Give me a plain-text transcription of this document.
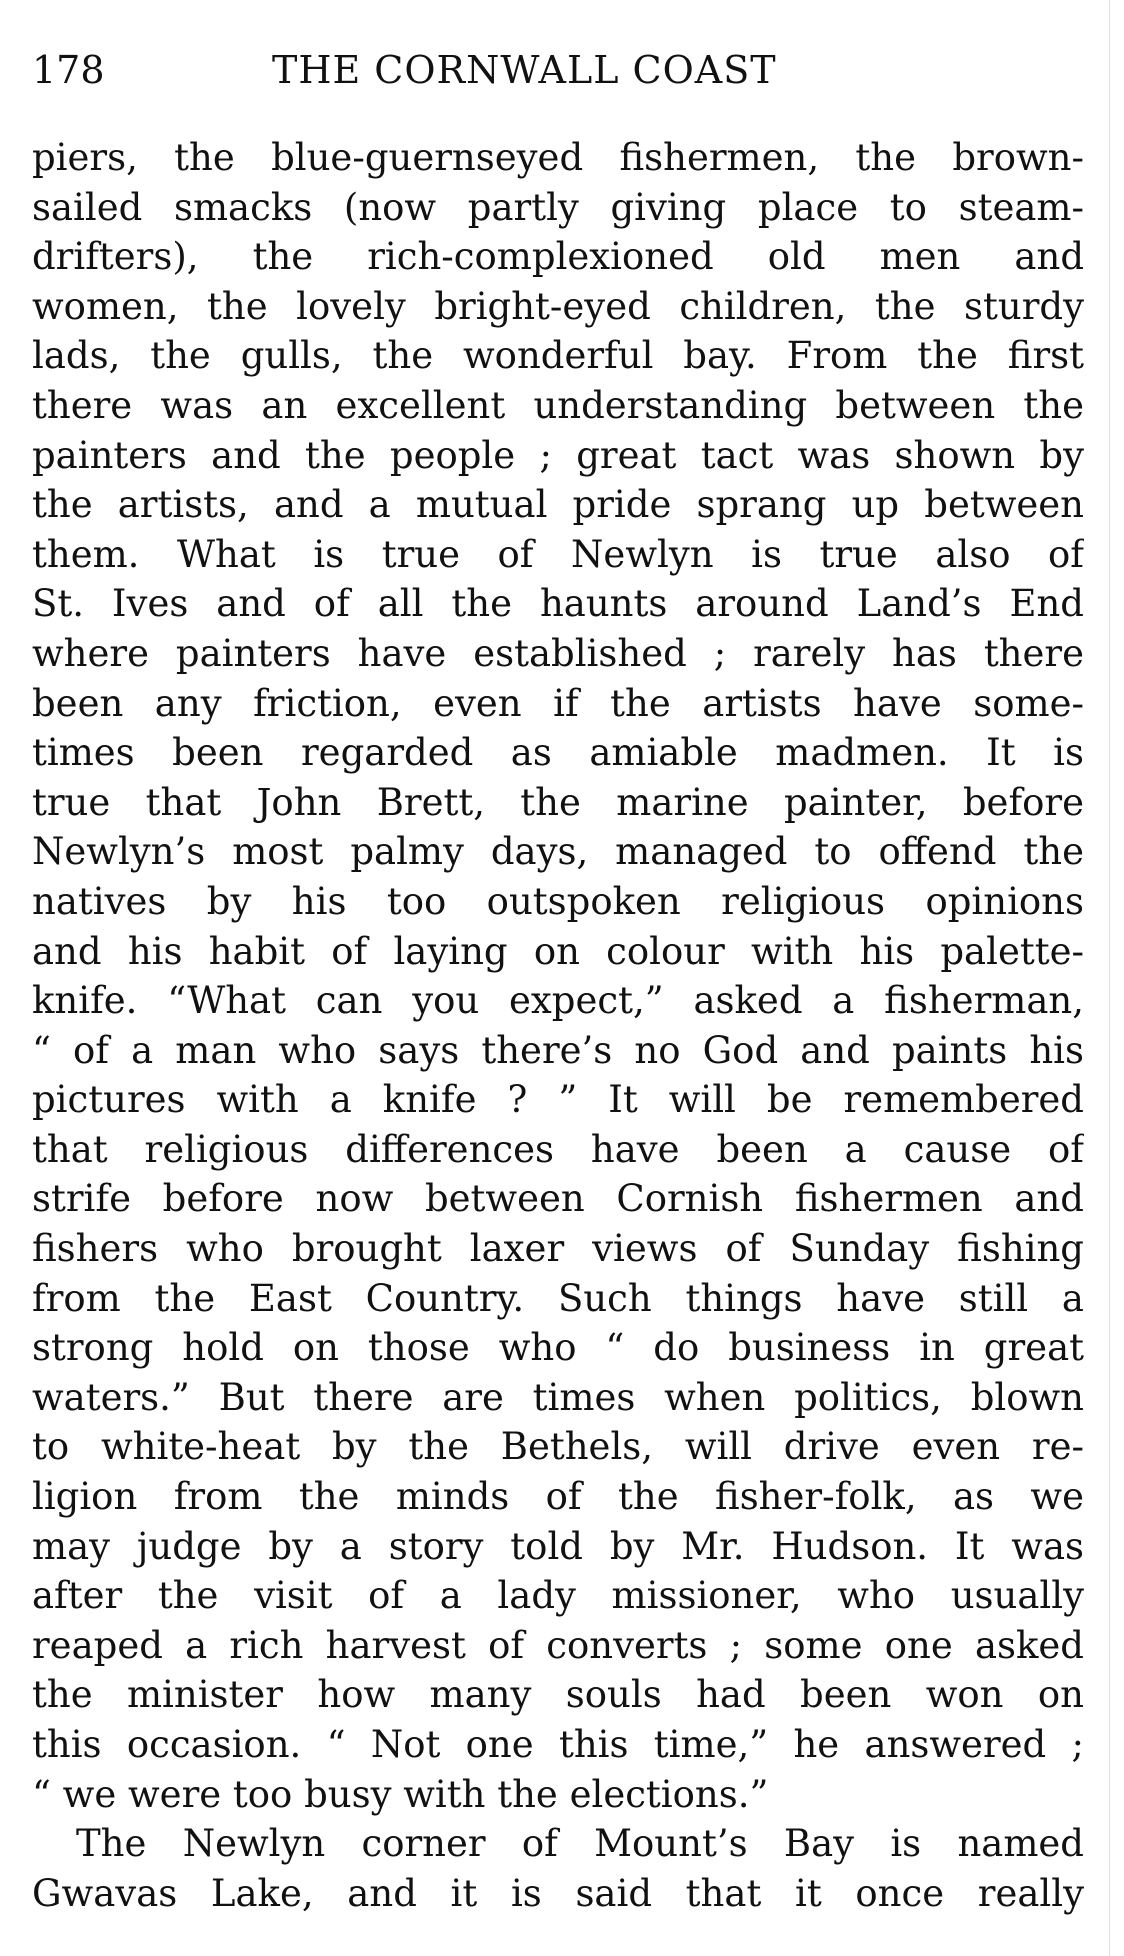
178	THE CORNWALL COAST
piers, the blue-guernseyed fishermen, the brown-
sailed smacks (now partly giving place to steam-
drifters), the rich-complexioned old men and
women, the lovely bright-eyed children, the sturdy
lads, the gulls, the wonderful bay. From the first
there was an excellent understanding between the
painters and the people ; great tact was shown by
the artists, and a mutual pride sprang up between
them. What is true of Newlyn is true also of
St. Ives and of all the haunts around Land’s End
where painters have established ; rarely has there
been any friction, even if the artists have some-
times been regarded as amiable madmen. It is
true that John Brett, the marine painter, before
Newlyn’s most palmy days, managed to offend the
natives by his too outspoken religious opinions
and his habit of laying on colour with his palette-
knife. “What can you expect,” asked a fisherman,
“ of a man who says there’s no God and paints his
pictures with a knife ? ” It will be remembered
that religious differences have been a cause of
strife before now between Cornish fishermen and
fishers who brought laxer views of Sunday fishing
from the East Country. Such things have still a
strong hold on those who “ do business in great
waters.” But there are times when politics, blown
to white-heat by the Bethels, will drive even re-
ligion from the minds of the fisher-folk, as we
may judge by a story told by Mr. Hudson. It was
after the visit of a lady missioner, who usually
reaped a rich harvest of converts ; some one asked
the minister how many souls had been won on
this occasion. “ Not one this time,” he answered ;
“ we were too busy with the elections.”
The Newlyn corner of Mount’s Bay is named
Gwavas Lake, and it is said that it once really
